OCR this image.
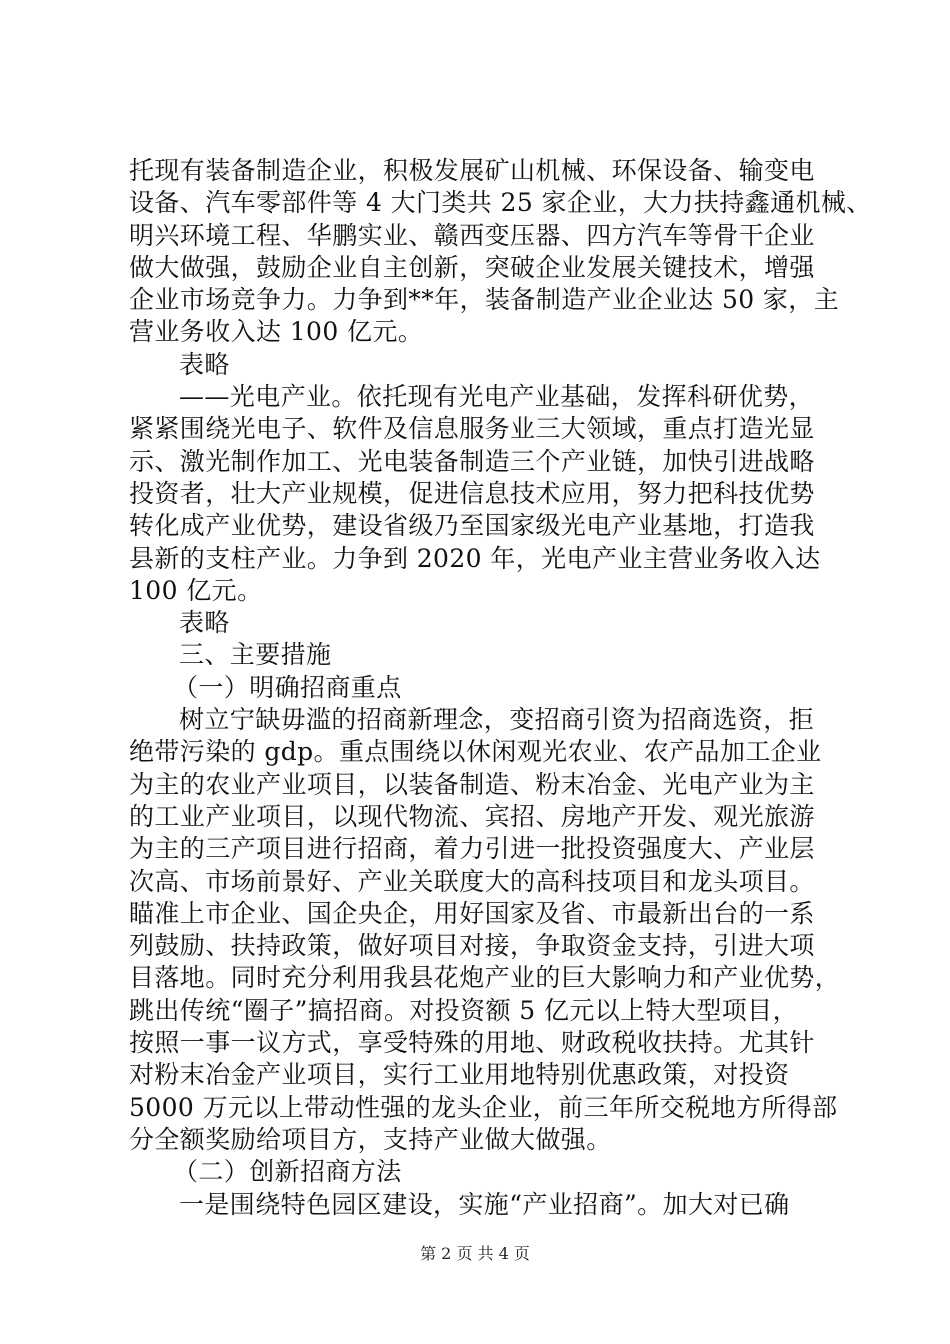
托现有装备制造企业，积极发展矿山机械、环保设备、输变电
设备、汽车零部件等 4 大门类共 25 家企业，大力扶持鑫通机械、
明兴环境工程、华鹏实业、赣西变压器、四方汽车等骨干企业
做大做强，鼓励企业自主创新，突破企业发展关键技术，增强
企业市场竞争力。力争到**年，装备制造产业企业达 50 家，主
营业务收入达 100 亿元。
表略
——光电产业。依托现有光电产业基础，发挥科研优势，
紧紧围绕光电子、软件及信息服务业三大领域，重点打造光显
示、激光制作加工、光电装备制造三个产业链，加快引进战略
投资者，壮大产业规模，促进信息技术应用，努力把科技优势
转化成产业优势，建设省级乃至国家级光电产业基地，打造我
县新的支柱产业。力争到 2020 年，光电产业主营业务收入达
100 亿元。
表略
三、主要措施
（一）明确招商重点
树立宁缺毋滥的招商新理念，变招商引资为招商选资，拒
绝带污染的 gdp。重点围绕以休闲观光农业、农产品加工企业
为主的农业产业项目，以装备制造、粉末冶金、光电产业为主
的工业产业项目，以现代物流、宾招、房地产开发、观光旅游
为主的三产项目进行招商，着力引进一批投资强度大、产业层
次高、市场前景好、产业关联度大的高科技项目和龙头项目。
瞄准上市企业、国企央企，用好国家及省、市最新出台的一系
列鼓励、扶持政策，做好项目对接，争取资金支持，引进大项
目落地。同时充分利用我县花炮产业的巨大影响力和产业优势，
跳出传统“圈子”搞招商。对投资额 5 亿元以上特大型项目，
按照一事一议方式，享受特殊的用地、财政税收扶持。尤其针
对粉末冶金产业项目，实行工业用地特别优惠政策，对投资
5000 万元以上带动性强的龙头企业，前三年所交税地方所得部
分全额奖励给项目方，支持产业做大做强。
（二）创新招商方法
一是围绕特色园区建设，实施“产业招商”。加大对已确
第 2 页 共 4 页
